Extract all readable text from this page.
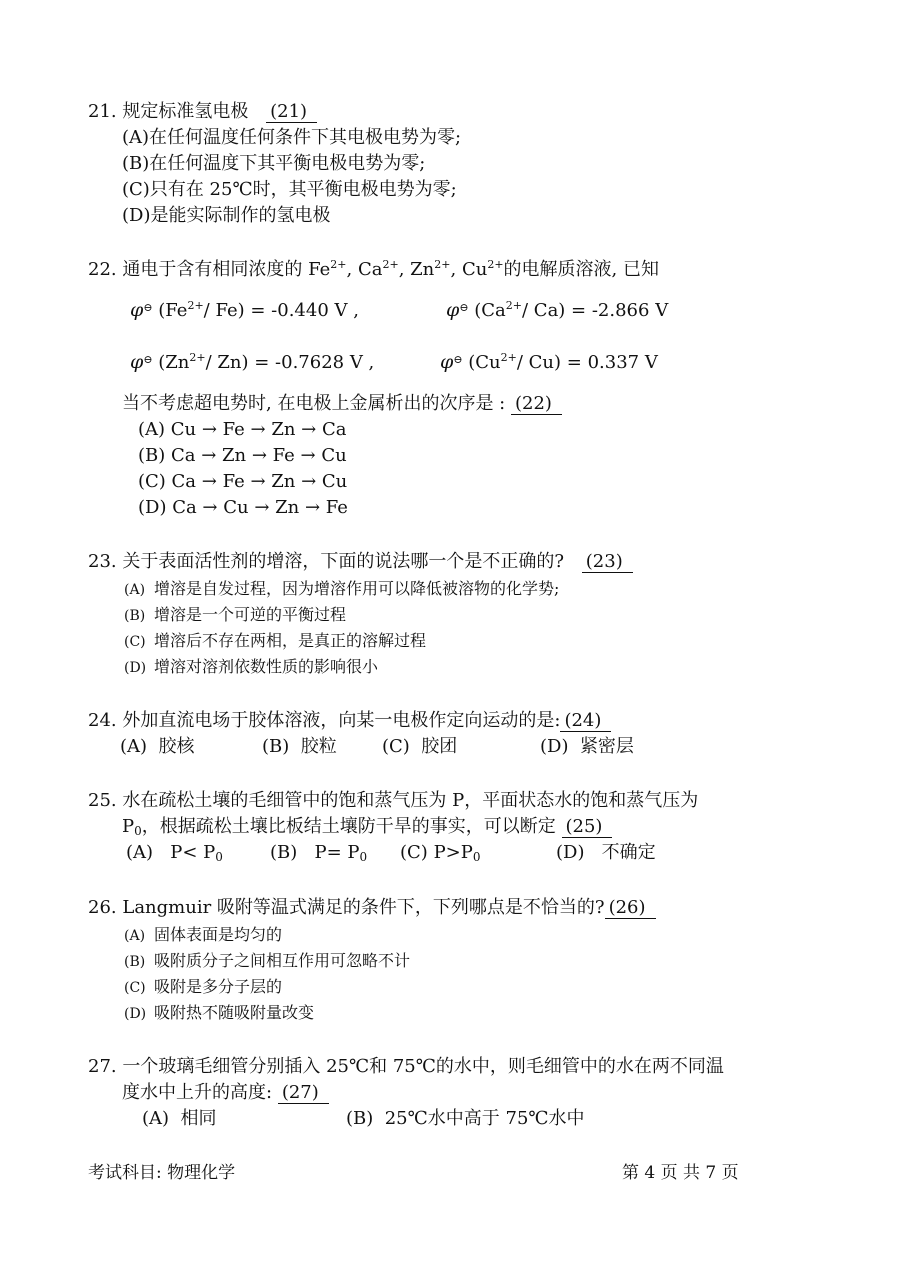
21. 规定标准氢电极 (21)
(A)在任何温度任何条件下其电极电势为零;
(B)在任何温度下其平衡电极电势为零;
(C)只有在 25℃时，其平衡电极电势为零;
(D)是能实际制作的氢电极
22. 通电于含有相同浓度的 $Fe^{2+}$, $Ca^{2+}$, $Zn^{2+}$, $Cu^{2+}$的电解质溶液, 已知
φ⊖ ($Fe^{2+}/$ Fe) = -0.440 V ,	φ⊖ ($Ca^{2+}/$ Ca) = -2.866 V
φ⊖ ($Zn^{2+}/$ Zn) = -0.7628 V ,	φ⊖ ($Cu^{2+}/$ Cu) = 0.337 V
当不考虑超电势时, 在电极上金属析出的次序是 : (22)
(A) Cu → Fe → Zn → Ca
(B) Ca → Zn → Fe → Cu
(C) Ca → Fe → Zn → Cu
(D) Ca → Cu → Zn → Fe
23. 关于表面活性剂的增溶，下面的说法哪一个是不正确的? (23)
(A) 增溶是自发过程，因为增溶作用可以降低被溶物的化学势;
(B) 增溶是一个可逆的平衡过程
(C) 增溶后不存在两相，是真正的溶解过程
(D) 增溶对溶剂依数性质的影响很小
24. 外加直流电场于胶体溶液，向某一电极作定向运动的是: (24)
(A) 胶核	(B) 胶粒	(C) 胶团	(D) 紧密层
25. 水在疏松土壤的毛细管中的饱和蒸气压为 P，平面状态水的饱和蒸气压为
$P_0$，根据疏松土壤比板结土壤防干旱的事实，可以断定 (25)
(A) $P< P_0$	(B) $P= P_0$ (C) $P>P_0$	(D) 不确定
26. Langmuir 吸附等温式满足的条件下，下列哪点是不恰当的? (26)
(A) 固体表面是均匀的
(B) 吸附质分子之间相互作用可忽略不计
(C) 吸附是多分子层的
(D) 吸附热不随吸附量改变
27. 一个玻璃毛细管分别插入 25℃和 75℃的水中，则毛细管中的水在两不同温
度水中上升的高度: (27)
(A) 相同	(B) 25℃水中高于 75℃水中
考试科目: 物理化学	第 4 页 共 7 页
